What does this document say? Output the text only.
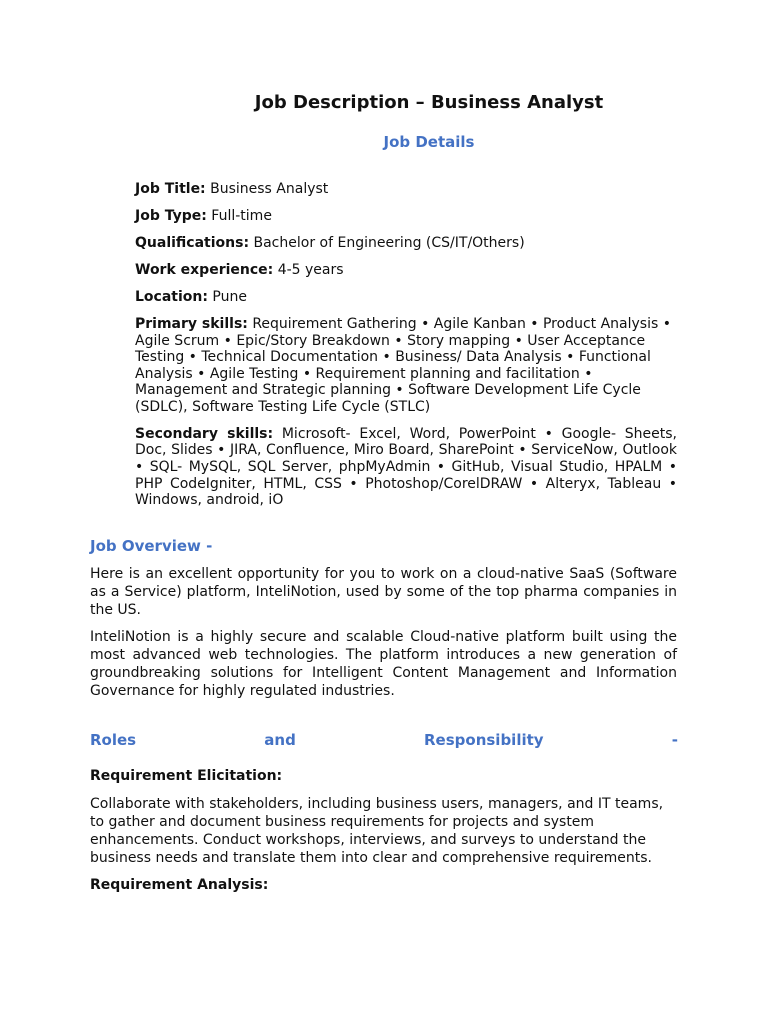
Job Description – Business Analyst
Job Details

Job Title: Business Analyst

Job Type: Full-time

Qualifications: Bachelor of Engineering (CS/IT/Others)

Work experience: 4-5 years

Location: Pune

Primary skills: Requirement Gathering • Agile Kanban • Product Analysis • Agile Scrum • Epic/Story Breakdown • Story mapping • User Acceptance Testing • Technical Documentation • Business/ Data Analysis • Functional Analysis • Agile Testing • Requirement planning and facilitation • Management and Strategic planning • Software Development Life Cycle (SDLC), Software Testing Life Cycle (STLC)

Secondary skills: Microsoft- Excel, Word, PowerPoint • Google- Sheets, Doc, Slides • JIRA, Confluence, Miro Board, SharePoint • ServiceNow, Outlook • SQL- MySQL, SQL Server, phpMyAdmin • GitHub, Visual Studio, HPALM • PHP CodeIgniter, HTML, CSS • Photoshop/CorelDRAW • Alteryx, Tableau • Windows, android, iO

Job Overview -

Here is an excellent opportunity for you to work on a cloud-native SaaS (Software as a Service) platform, InteliNotion, used by some of the top pharma companies in the US.

InteliNotion is a highly secure and scalable Cloud-native platform built using the most advanced web technologies. The platform introduces a new generation of groundbreaking solutions for Intelligent Content Management and Information Governance for highly regulated industries.

Roles	and	Responsibility	-
Requirement Elicitation:

Collaborate with stakeholders, including business users, managers, and IT teams, to gather and document business requirements for projects and system enhancements. Conduct workshops, interviews, and surveys to understand the business needs and translate them into clear and comprehensive requirements.

Requirement Analysis:
